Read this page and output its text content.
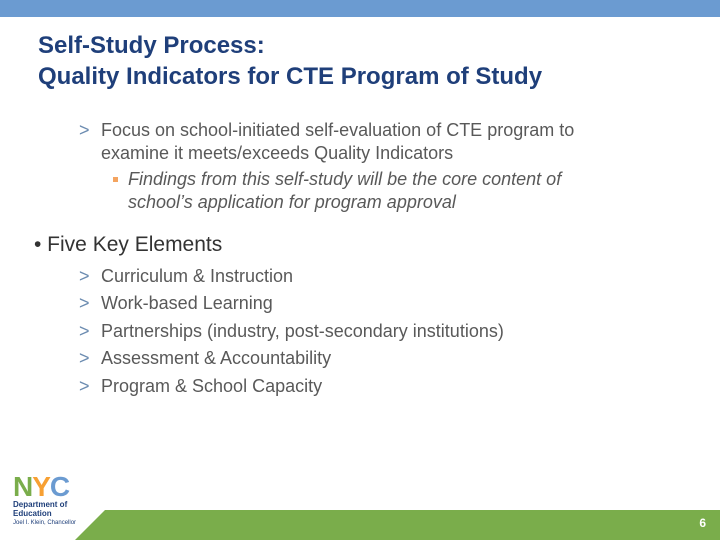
Self-Study Process:
Quality Indicators for CTE Program of Study
> Focus on school-initiated self-evaluation of CTE program to
examine it meets/exceeds Quality Indicators
Findings from this self-study will be the core content of
school’s application for program approval
• Five Key Elements
> Curriculum & Instruction
> Work-based Learning
> Partnerships (industry, post-secondary institutions)
> Assessment & Accountability
> Program & School Capacity
NYC
Department of
Education
Joel I. Klein, Chancellor	6
